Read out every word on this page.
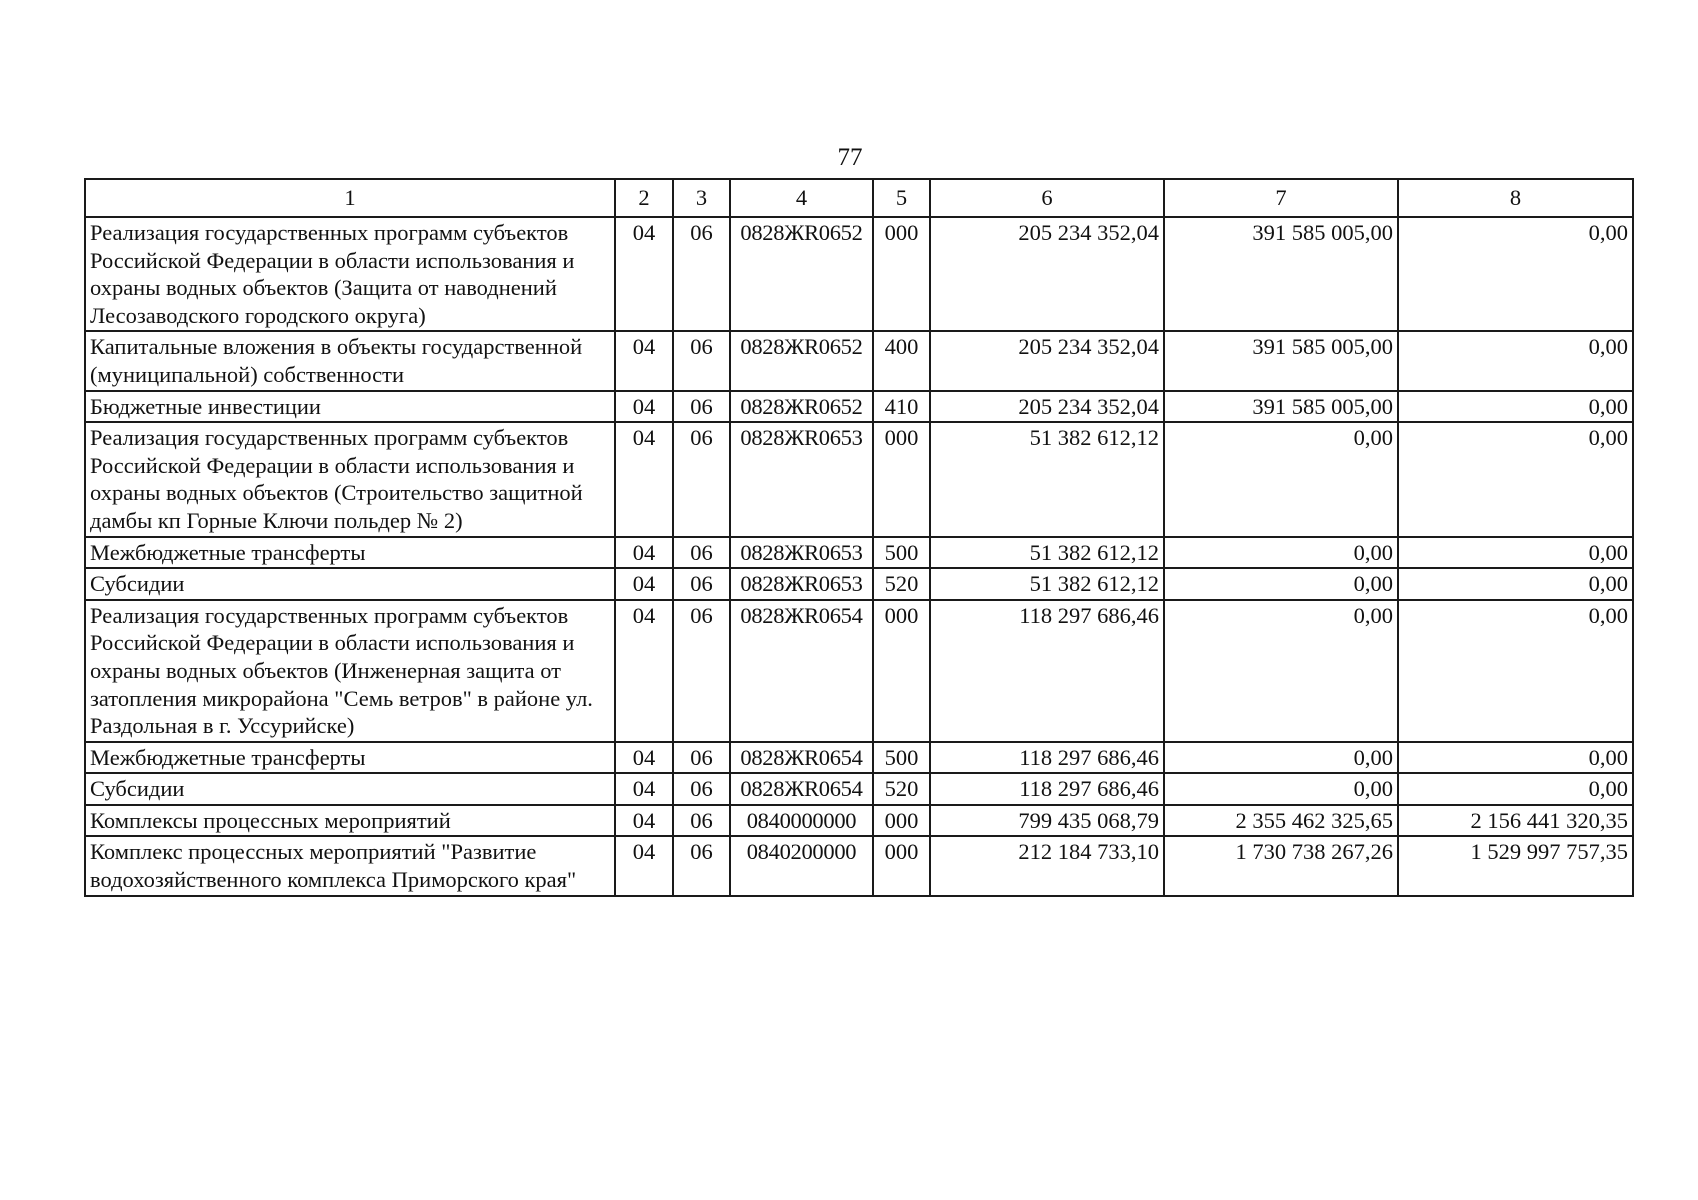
77
1	2	3	4	5	6	7	8
Реализация государственных программ субъектов Российской Федерации в области использования и охраны водных объектов (Защита от наводнений Лесозаводского городского округа)	04	06	0828ЖR0652	000	205 234 352,04	391 585 005,00	0,00
Капитальные вложения в объекты государственной (муниципальной) собственности	04	06	0828ЖR0652	400	205 234 352,04	391 585 005,00	0,00
Бюджетные инвестиции	04	06	0828ЖR0652	410	205 234 352,04	391 585 005,00	0,00
Реализация государственных программ субъектов Российской Федерации в области использования и охраны водных объектов (Строительство защитной дамбы кп Горные Ключи польдер № 2)	04	06	0828ЖR0653	000	51 382 612,12	0,00	0,00
Межбюджетные трансферты	04	06	0828ЖR0653	500	51 382 612,12	0,00	0,00
Субсидии	04	06	0828ЖR0653	520	51 382 612,12	0,00	0,00
Реализация государственных программ субъектов Российской Федерации в области использования и охраны водных объектов (Инженерная защита от затопления микрорайона "Семь ветров" в районе ул. Раздольная в г. Уссурийске)	04	06	0828ЖR0654	000	118 297 686,46	0,00	0,00
Межбюджетные трансферты	04	06	0828ЖR0654	500	118 297 686,46	0,00	0,00
Субсидии	04	06	0828ЖR0654	520	118 297 686,46	0,00	0,00
Комплексы процессных мероприятий	04	06	0840000000	000	799 435 068,79	2 355 462 325,65	2 156 441 320,35
Комплекс процессных мероприятий "Развитие водохозяйственного комплекса Приморского края"	04	06	0840200000	000	212 184 733,10	1 730 738 267,26	1 529 997 757,35
